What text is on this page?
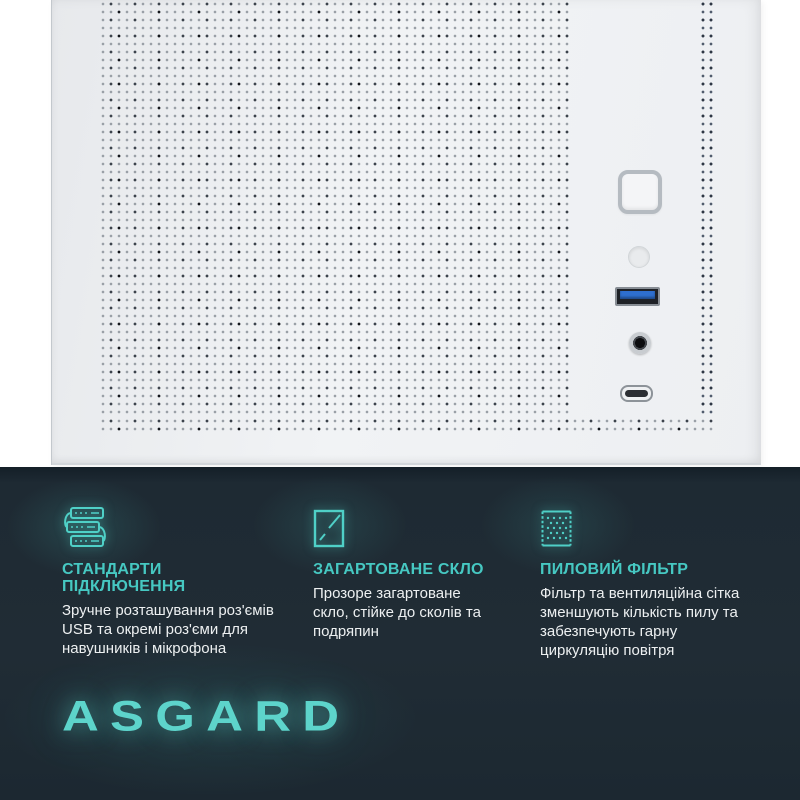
СТАНДАРТИ ПІДКЛЮЧЕННЯ
Зручне розташування роз'ємів
USB та окремі роз'єми для
навушників і мікрофона
ЗАГАРТОВАНЕ СКЛО
Прозоре загартоване
скло, стійке до сколів та
подряпин
ПИЛОВИЙ ФІЛЬТР
Фільтр та вентиляційна сітка
зменшують кількість пилу та
забезпечують гарну
циркуляцію повітря
ASGARD
